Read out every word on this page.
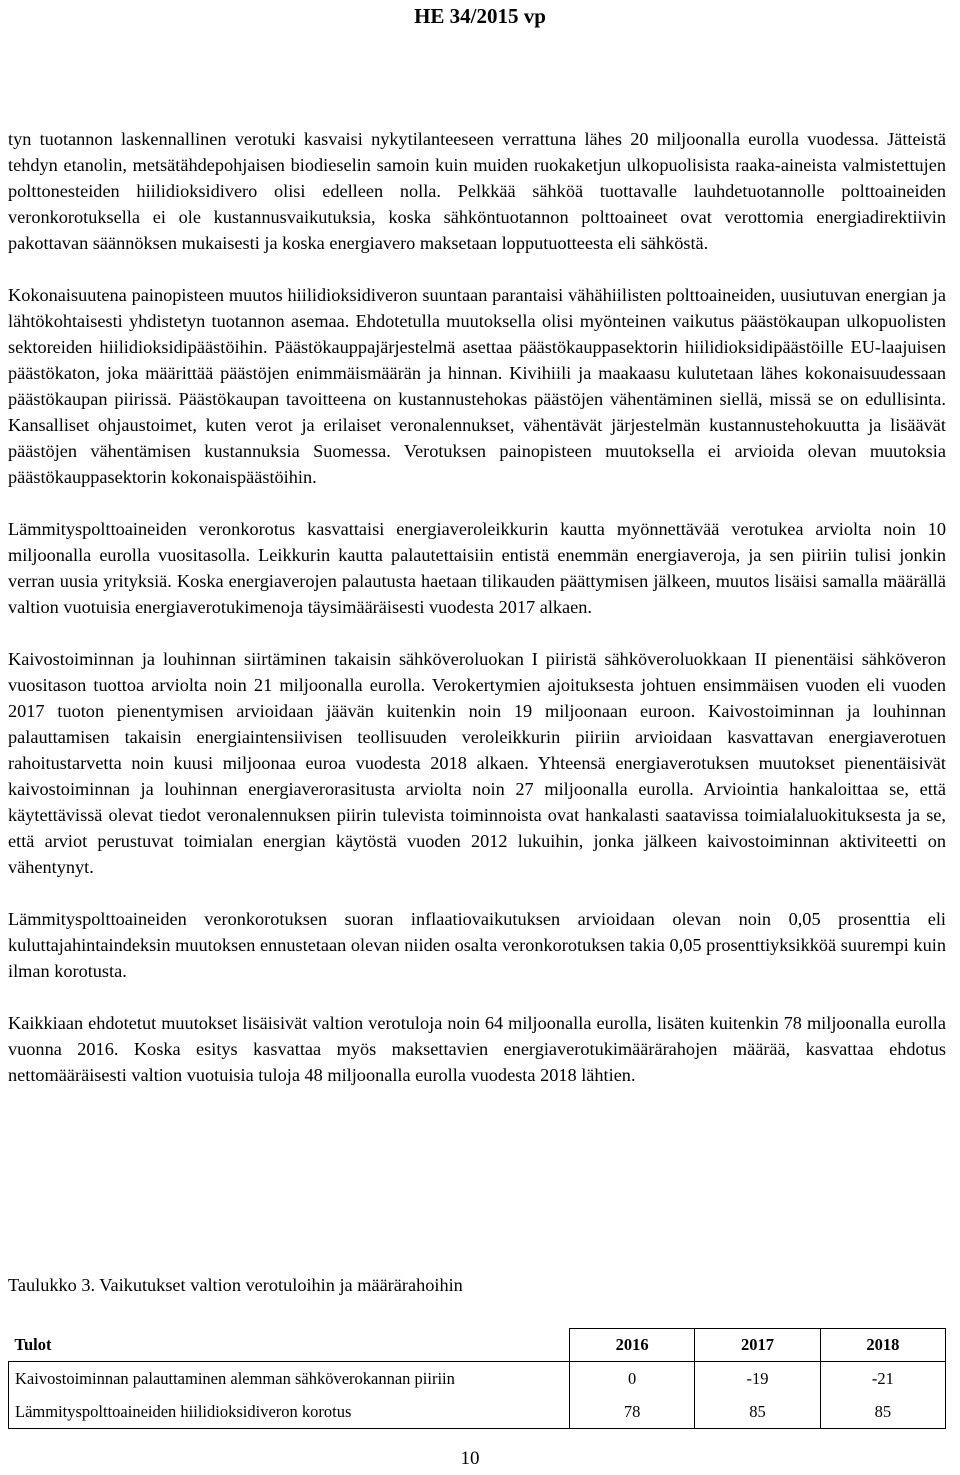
HE 34/2015 vp

tyn tuotannon laskennallinen verotuki kasvaisi nykytilanteeseen verrattuna lähes 20 miljoonalla eurolla vuodessa. Jätteistä tehdyn etanolin, metsätähdepohjaisen biodieselin samoin kuin muiden ruokaketjun ulkopuolisista raaka-aineista valmistettujen polttonesteiden hiilidioksidivero olisi edelleen nolla. Pelkkää sähköä tuottavalle lauhdetuotannolle polttoaineiden veronkorotuksella ei ole kustannusvaikutuksia, koska sähköntuotannon polttoaineet ovat verottomia energiadirektiivin pakottavan säännöksen mukaisesti ja koska energiavero maksetaan lopputuotteesta eli sähköstä.

Kokonaisuutena painopisteen muutos hiilidioksidiveron suuntaan parantaisi vähähiilisten polttoaineiden, uusiutuvan energian ja lähtökohtaisesti yhdistetyn tuotannon asemaa. Ehdotetulla muutoksella olisi myönteinen vaikutus päästökaupan ulkopuolisten sektoreiden hiilidioksidipäästöihin. Päästökauppajärjestelmä asettaa päästökauppasektorin hiilidioksidipäästöille EU-laajuisen päästökaton, joka määrittää päästöjen enimmäismäärän ja hinnan. Kivihiili ja maakaasu kulutetaan lähes kokonaisuudessaan päästökaupan piirissä. Päästökaupan tavoitteena on kustannustehokas päästöjen vähentäminen siellä, missä se on edullisinta. Kansalliset ohjaustoimet, kuten verot ja erilaiset veronalennukset, vähentävät järjestelmän kustannustehokuutta ja lisäävät päästöjen vähentämisen kustannuksia Suomessa. Verotuksen painopisteen muutoksella ei arvioida olevan muutoksia päästökauppasektorin kokonaispäästöihin.

Lämmityspolttoaineiden veronkorotus kasvattaisi energiaveroleikkurin kautta myönnettävää verotukea arviolta noin 10 miljoonalla eurolla vuositasolla. Leikkurin kautta palautettaisiin entistä enemmän energiaveroja, ja sen piiriin tulisi jonkin verran uusia yrityksiä. Koska energiaverojen palautusta haetaan tilikauden päättymisen jälkeen, muutos lisäisi samalla määrällä valtion vuotuisia energiaverotukimenoja täysimääräisesti vuodesta 2017 alkaen.

Kaivostoiminnan ja louhinnan siirtäminen takaisin sähköveroluokan I piiristä sähköveroluokkaan II pienentäisi sähköveron vuositason tuottoa arviolta noin 21 miljoonalla eurolla. Verokertymien ajoituksesta johtuen ensimmäisen vuoden eli vuoden 2017 tuoton pienentymisen arvioidaan jäävän kuitenkin noin 19 miljoonaan euroon. Kaivostoiminnan ja louhinnan palauttamisen takaisin energiaintensiivisen teollisuuden veroleikkurin piiriin arvioidaan kasvattavan energiaverotuen rahoitustarvetta noin kuusi miljoonaa euroa vuodesta 2018 alkaen. Yhteensä energiaverotuksen muutokset pienentäisivät kaivostoiminnan ja louhinnan energiaverorasitusta arviolta noin 27 miljoonalla eurolla. Arviointia hankaloittaa se, että käytettävissä olevat tiedot veronalennuksen piirin tulevista toiminnoista ovat hankalasti saatavissa toimialaluokituksesta ja se, että arviot perustuvat toimialan energian käytöstä vuoden 2012 lukuihin, jonka jälkeen kaivostoiminnan aktiviteetti on vähentynyt.

Lämmityspolttoaineiden veronkorotuksen suoran inflaatiovaikutuksen arvioidaan olevan noin 0,05 prosenttia eli kuluttajahintaindeksin muutoksen ennustetaan olevan niiden osalta veronkorotuksen takia 0,05 prosenttiyksikköä suurempi kuin ilman korotusta.

Kaikkiaan ehdotetut muutokset lisäisivät valtion verotuloja noin 64 miljoonalla eurolla, lisäten kuitenkin 78 miljoonalla eurolla vuonna 2016. Koska esitys kasvattaa myös maksettavien energiaverotukimäärärahojen määrää, kasvattaa ehdotus nettomääräisesti valtion vuotuisia tuloja 48 miljoonalla eurolla vuodesta 2018 lähtien.

Taulukko 3. Vaikutukset valtion verotuloihin ja määrärahoihin
Tulot	2016	2017	2018
Kaivostoiminnan palauttaminen alemman sähköverokannan piiriin	0	-19	-21
Lämmityspolttoaineiden hiilidioksidiveron korotus	78	85	85
10
